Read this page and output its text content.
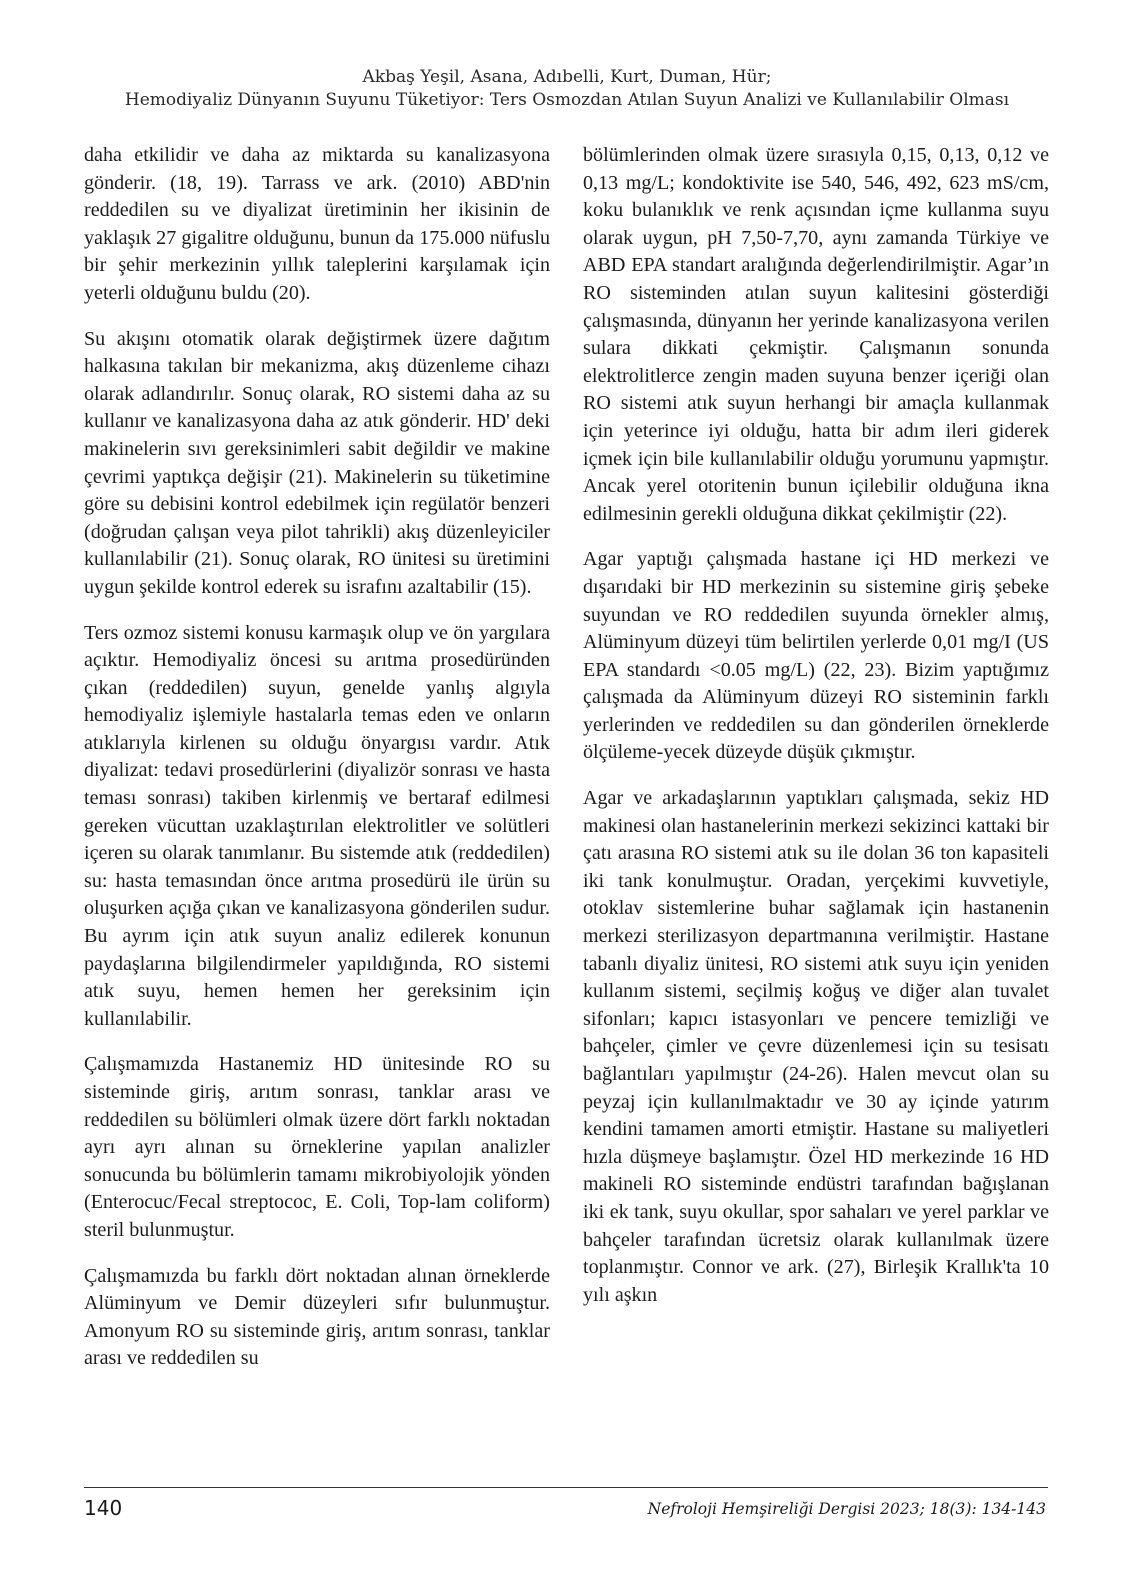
Akbaş Yeşil, Asana, Adıbelli, Kurt, Duman, Hür;
Hemodiyaliz Dünyanın Suyunu Tüketiyor: Ters Osmozdan Atılan Suyun Analizi ve Kullanılabilir Olması

daha etkilidir ve daha az miktarda su kanalizasyona gönderir. (18, 19). Tarrass ve ark. (2010) ABD'nin reddedilen su ve diyalizat üretiminin her ikisinin de yaklaşık 27 gigalitre olduğunu, bunun da 175.000 nüfuslu bir şehir merkezinin yıllık taleplerini karşılamak için yeterli olduğunu buldu (20).

Su akışını otomatik olarak değiştirmek üzere dağıtım halkasına takılan bir mekanizma, akış düzenleme cihazı olarak adlandırılır. Sonuç olarak, RO sistemi daha az su kullanır ve kanalizasyona daha az atık gönderir. HD' deki makinelerin sıvı gereksinimleri sabit değildir ve makine çevrimi yaptıkça değişir (21). Makinelerin su tüketimine göre su debisini kontrol edebilmek için regülatör benzeri (doğrudan çalışan veya pilot tahrikli) akış düzenleyiciler kullanılabilir (21). Sonuç olarak, RO ünitesi su üretimini uygun şekilde kontrol ederek su israfını azaltabilir (15).

Ters ozmoz sistemi konusu karmaşık olup ve ön yargılara açıktır. Hemodiyaliz öncesi su arıtma prosedüründen çıkan (reddedilen) suyun, genelde yanlış algıyla hemodiyaliz işlemiyle hastalarla temas eden ve onların atıklarıyla kirlenen su olduğu önyargısı vardır. Atık diyalizat: tedavi prosedürlerini (diyalizör sonrası ve hasta teması sonrası) takiben kirlenmiş ve bertaraf edilmesi gereken vücuttan uzaklaştırılan elektrolitler ve solütleri içeren su olarak tanımlanır. Bu sistemde atık (reddedilen) su: hasta temasından önce arıtma prosedürü ile ürün su oluşurken açığa çıkan ve kanalizasyona gönderilen sudur. Bu ayrım için atık suyun analiz edilerek konunun paydaşlarına bilgilendirmeler yapıldığında, RO sistemi atık suyu, hemen hemen her gereksinim için kullanılabilir.

Çalışmamızda Hastanemiz HD ünitesinde RO su sisteminde giriş, arıtım sonrası, tanklar arası ve reddedilen su bölümleri olmak üzere dört farklı noktadan ayrı ayrı alınan su örneklerine yapılan analizler sonucunda bu bölümlerin tamamı mikrobiyolojik yönden (Enterocuc/Fecal streptococ, E. Coli, Top-lam coliform) steril bulunmuştur.

Çalışmamızda bu farklı dört noktadan alınan örneklerde Alüminyum ve Demir düzeyleri sıfır bulunmuştur. Amonyum RO su sisteminde giriş, arıtım sonrası, tanklar arası ve reddedilen su

bölümlerinden olmak üzere sırasıyla 0,15, 0,13, 0,12 ve 0,13 mg/L; kondoktivite ise 540, 546, 492, 623 mS/cm, koku bulanıklık ve renk açısından içme kullanma suyu olarak uygun, pH 7,50-7,70, aynı zamanda Türkiye ve ABD EPA standart aralığında değerlendirilmiştir. Agar’ın RO sisteminden atılan suyun kalitesini gösterdiği çalışmasında, dünyanın her yerinde kanalizasyona verilen sulara dikkati çekmiştir. Çalışmanın sonunda elektrolitlerce zengin maden suyuna benzer içeriği olan RO sistemi atık suyun herhangi bir amaçla kullanmak için yeterince iyi olduğu, hatta bir adım ileri giderek içmek için bile kullanılabilir olduğu yorumunu yapmıştır. Ancak yerel otoritenin bunun içilebilir olduğuna ikna edilmesinin gerekli olduğuna dikkat çekilmiştir (22).

Agar yaptığı çalışmada hastane içi HD merkezi ve dışarıdaki bir HD merkezinin su sistemine giriş şebeke suyundan ve RO reddedilen suyunda örnekler almış, Alüminyum düzeyi tüm belirtilen yerlerde 0,01 mg/I (US EPA standardı <0.05 mg/L) (22, 23). Bizim yaptığımız çalışmada da Alüminyum düzeyi RO sisteminin farklı yerlerinden ve reddedilen su dan gönderilen örneklerde ölçüleme-yecek düzeyde düşük çıkmıştır.

Agar ve arkadaşlarının yaptıkları çalışmada, sekiz HD makinesi olan hastanelerinin merkezi sekizinci kattaki bir çatı arasına RO sistemi atık su ile dolan 36 ton kapasiteli iki tank konulmuştur. Oradan, yerçekimi kuvvetiyle, otoklav sistemlerine buhar sağlamak için hastanenin merkezi sterilizasyon departmanına verilmiştir. Hastane tabanlı diyaliz ünitesi, RO sistemi atık suyu için yeniden kullanım sistemi, seçilmiş koğuş ve diğer alan tuvalet sifonları; kapıcı istasyonları ve pencere temizliği ve bahçeler, çimler ve çevre düzenlemesi için su tesisatı bağlantıları yapılmıştır (24-26). Halen mevcut olan su peyzaj için kullanılmaktadır ve 30 ay içinde yatırım kendini tamamen amorti etmiştir. Hastane su maliyetleri hızla düşmeye başlamıştır. Özel HD merkezinde 16 HD makineli RO sisteminde endüstri tarafından bağışlanan iki ek tank, suyu okullar, spor sahaları ve yerel parklar ve bahçeler tarafından ücretsiz olarak kullanılmak üzere toplanmıştır. Connor ve ark. (27), Birleşik Krallık'ta 10 yılı aşkın

140	Nefroloji Hemşireliği Dergisi 2023; 18(3): 134-143
